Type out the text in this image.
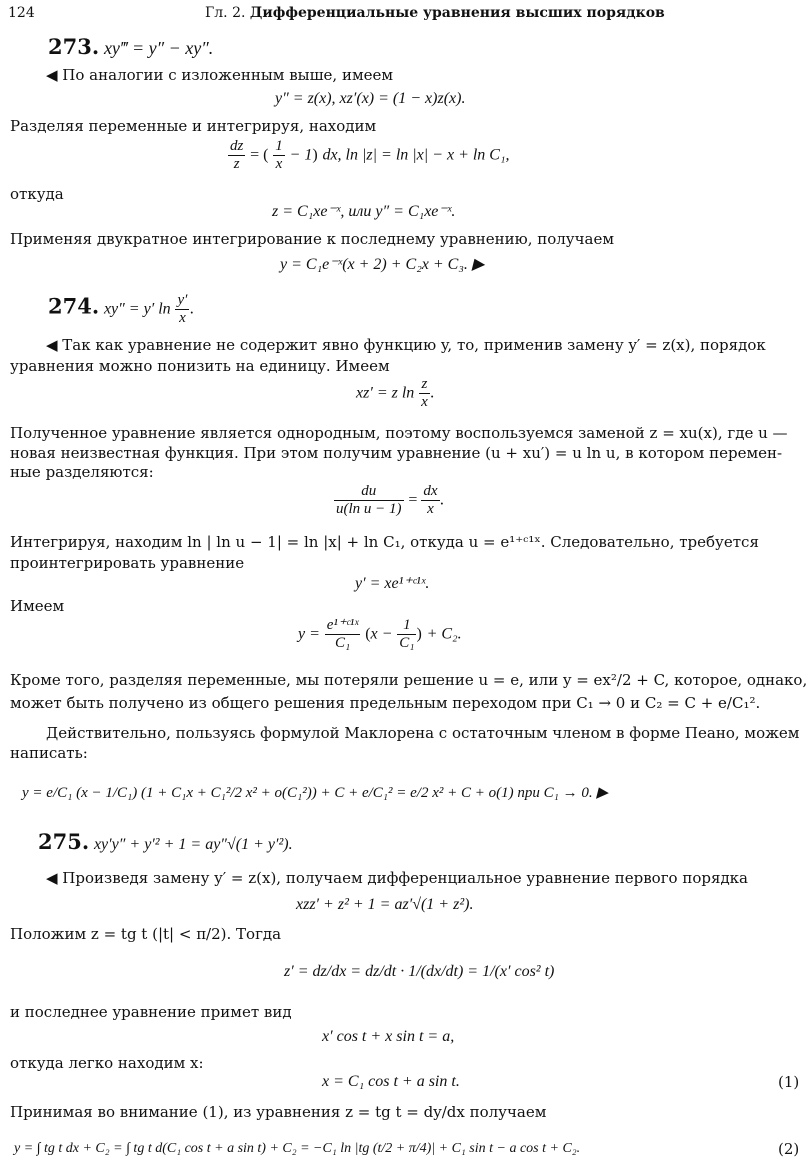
124	Гл. 2. Дифференциальные уравнения высших порядков
273. xy‴ = y″ − xy″.
◀ По аналогии с изложенным выше, имеем
y″ = z(x), xz′(x) = (1 − x)z(x).
Разделяя переменные и интегрируя, находим
$\frac{dz}{z}$ = ( $\frac{1}{x} - 1$) dx, ln |z| = ln |x| − x + ln C₁,
откуда
z = C₁xe⁻ˣ, или y″ = C₁xe⁻ˣ.
Применяя двукратное интегрирование к последнему уравнению, получаем
y = C₁e⁻ˣ(x + 2) + C₂x + C₃. ▶
274. xy″ = y′ $\ln \frac{y'}{x}$ .
◀ Так как уравнение не содержит явно функцию y, то, применив замену y′ = z(x), порядок
уравнения можно понизить на единицу. Имеем
xz′ = z $\ln \frac{z}{x}$ .
Полученное уравнение является однородным, поэтому воспользуемся заменой z = xu(x), где u —
новая неизвестная функция. При этом получим уравнение (u + xu′) = u ln u, в котором перемен-
ные разделяются:
$\frac{du}{\text{u(ln u − 1)}} = \frac{dx}{x}$ .
Интегрируя, находим ln | ln u − 1| = ln |x| + ln C₁, откуда u = e¹⁺ᶜ¹ˣ. Следовательно, требуется
проинтегрировать уравнение
y′ = xe¹⁺ᶜ¹ˣ.
Имеем
$y = \frac{\text{e¹⁺ᶜ¹ˣ}}{\text{C₁}} (x - \frac{1}{\text{C₁}}$ ) + C₂.
Кроме того, разделяя переменные, мы потеряли решение u = e, или y = ex²/2 + C, которое, однако,
может быть получено из общего решения предельным переходом при C₁ → 0 и C₂ = C + e/C₁².
Действительно, пользуясь формулой Маклорена с остаточным членом в форме Пеано, можем
написать:
y = e/C₁ (x − 1/C₁) (1 + C₁x + C₁²/2 x² + o(C₁²)) + C + e/C₁² = e/2 x² + C + o(1) при C₁ → 0. ▶
275. xy′y″ + y′² + 1 = ay″√(1 + y′²).
◀ Произведя замену y′ = z(x), получаем дифференциальное уравнение первого порядка
xzz′ + z² + 1 = az′√(1 + z²).
Положим z = tg t (|t| < π/2). Тогда
z′ = dz/dx = dz/dt · 1/(dx/dt) = 1/(x′ cos² t)
и последнее уравнение примет вид
x′ cos t + x sin t = a,
откуда легко находим x:
x = C₁ cos t + a sin t.	(1)
Принимая во внимание (1), из уравнения z = tg t = dy/dx получаем
y = ∫ tg t dx + C₂ = ∫ tg t d(C₁ cos t + a sin t) + C₂ = −C₁ ln |tg (t/2 + π/4)| + C₁ sin t − a cos t + C₂.	(2)
